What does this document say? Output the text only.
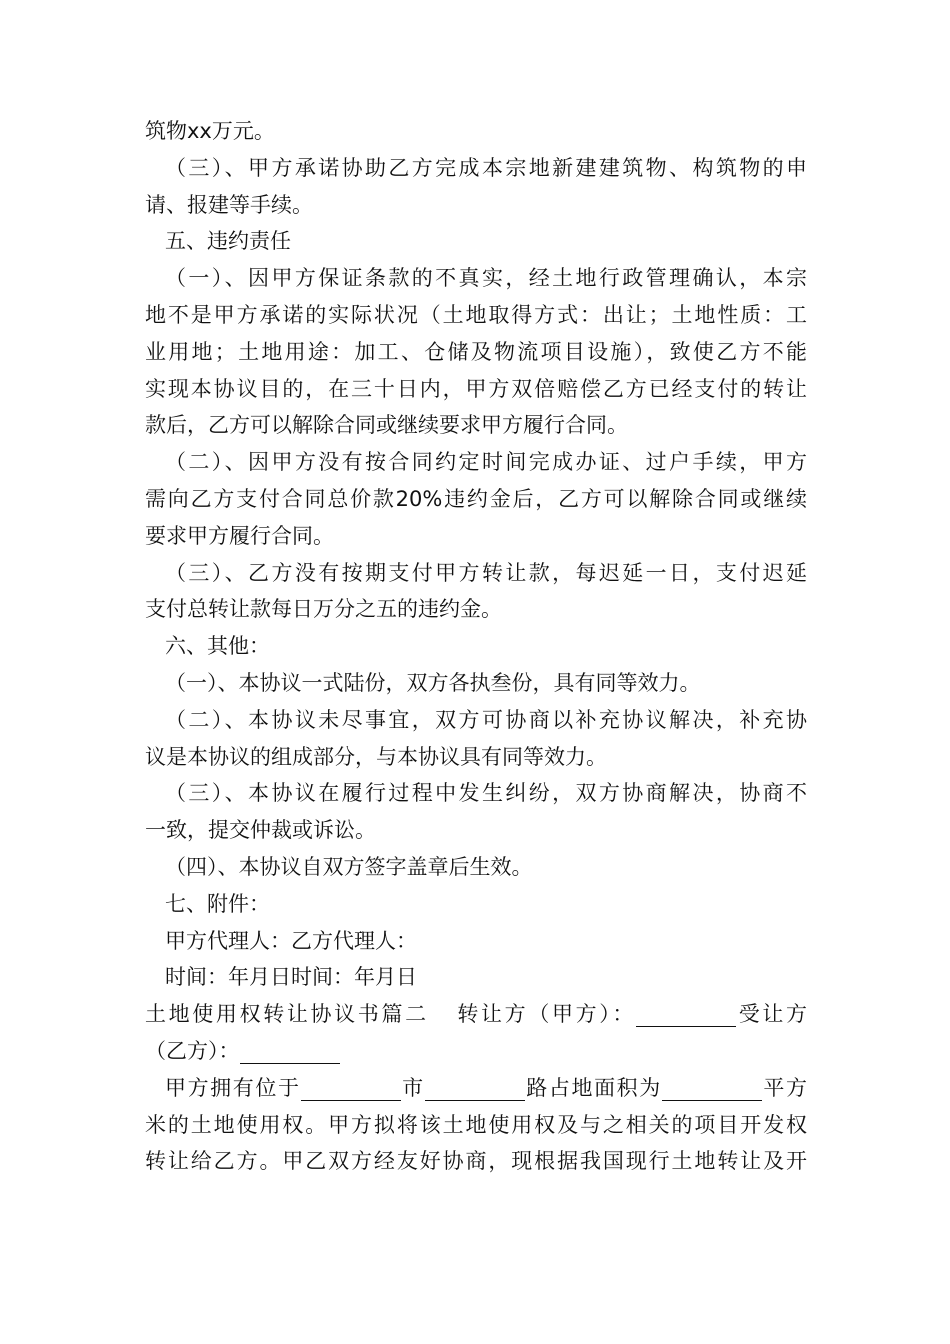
筑物xx万元。
（三）、甲方承诺协助乙方完成本宗地新建建筑物、构筑物的申
请、报建等手续。
五、违约责任
（一）、因甲方保证条款的不真实，经土地行政管理确认，本宗
地不是甲方承诺的实际状况（土地取得方式：出让；土地性质：工
业用地；土地用途：加工、仓储及物流项目设施），致使乙方不能
实现本协议目的，在三十日内，甲方双倍赔偿乙方已经支付的转让
款后，乙方可以解除合同或继续要求甲方履行合同。
（二）、因甲方没有按合同约定时间完成办证、过户手续，甲方
需向乙方支付合同总价款20%违约金后，乙方可以解除合同或继续
要求甲方履行合同。
（三）、乙方没有按期支付甲方转让款，每迟延一日，支付迟延
支付总转让款每日万分之五的违约金。
六、其他：
（一）、本协议一式陆份，双方各执叁份，具有同等效力。
（二）、本协议未尽事宜，双方可协商以补充协议解决，补充协
议是本协议的组成部分，与本协议具有同等效力。
（三）、本协议在履行过程中发生纠纷，双方协商解决，协商不
一致，提交仲裁或诉讼。
（四）、本协议自双方签字盖章后生效。
七、附件：
甲方代理人：乙方代理人：
时间：年月日时间：年月日
土地使用权转让协议书篇二 转让方（甲方）：	受让方
（乙方）：
甲方拥有位于	市	路占地面积为	平方
米的土地使用权。甲方拟将该土地使用权及与之相关的项目开发权
转让给乙方。甲乙双方经友好协商，现根据我国现行土地转让及开
